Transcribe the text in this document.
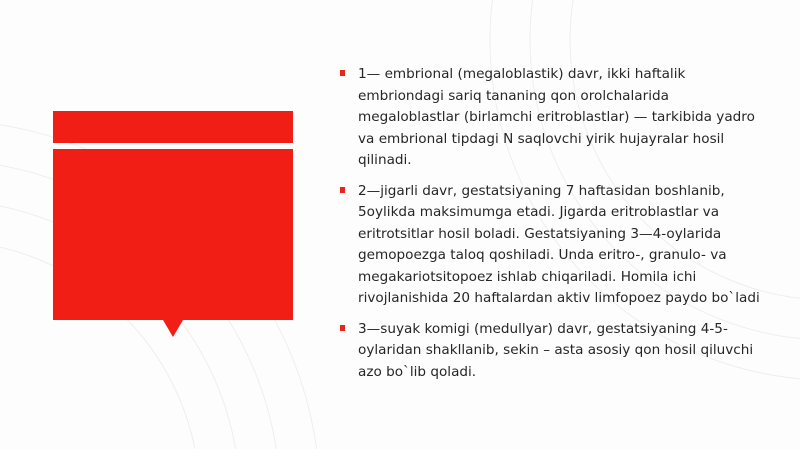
1— embrional (megaloblastik) davr, ikki haftalik embriondagi sariq tananing qon orolchalarida megaloblastlar (birlamchi eritroblastlar) — tarkibida yadro va embrional tipdagi N saqlovchi yirik hujayralar hosil qilinadi.
2—jigarli davr, gestatsiyaning 7 haftasidan boshlanib, 5oylikda maksimumga etadi. Jigarda eritroblastlar va eritrotsitlar hosil boladi. Gestatsiyaning 3—4-oylarida gemopoezga taloq qoshiladi. Unda eritro-, granulo- va megakariotsitopoez ishlab chiqariladi. Homila ichi rivojlanishida 20 haftalardan aktiv limfopoez paydo bo`ladi
3—suyak komigi (medullyar) davr, gestatsiyaning 4-5- oylaridan shakllanib, sekin – asta asosiy qon hosil qiluvchi azo bo`lib qoladi.
